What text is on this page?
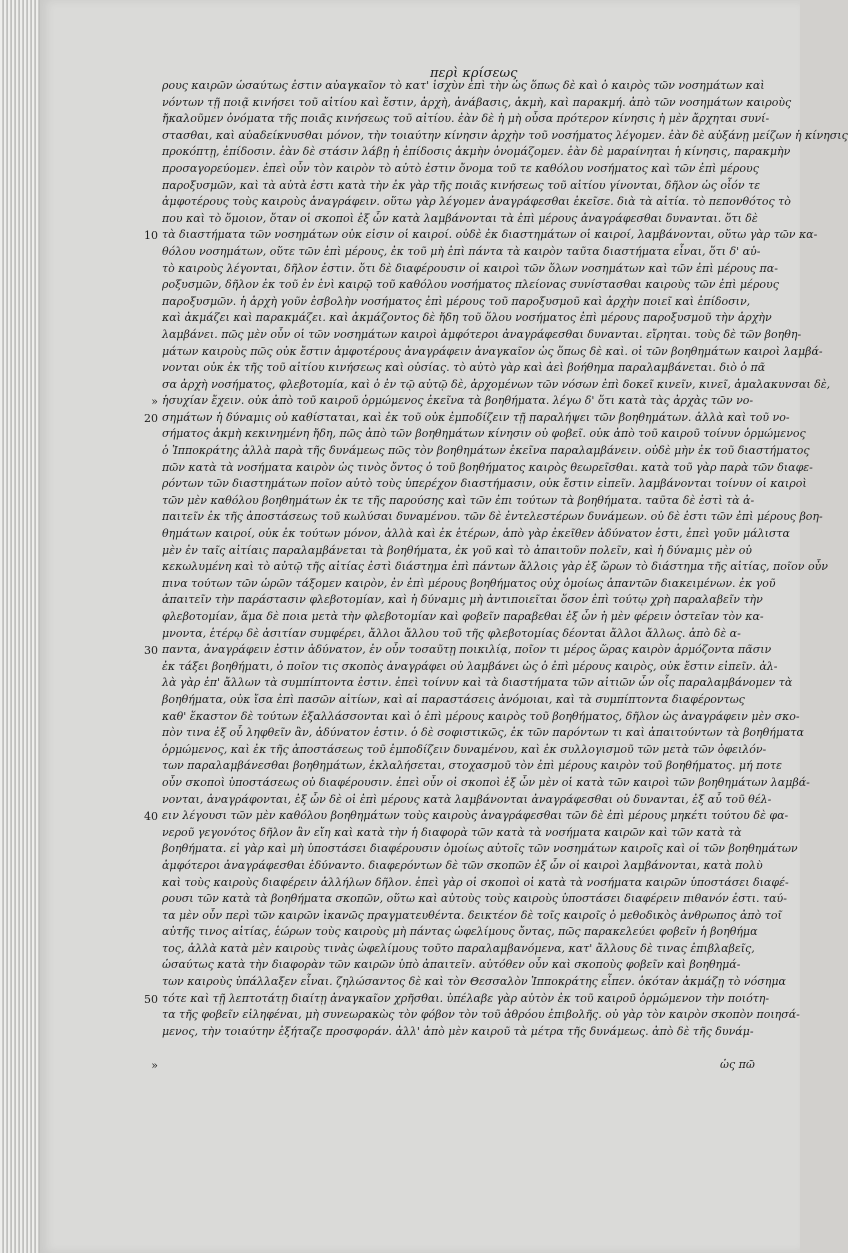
περὶ κρίσεως
ρους καιρῶν ὡσαύτως ἐστιν αὐαγκαῖον τὸ κατ' ἰσχὺν ἐπὶ τὴν ὡς ὅπως δὲ καὶ ὁ καιρὸς τῶν νοσημάτων καὶ
νόντων τῇ ποιᾷ κινήσει τοῦ αἰτίου καὶ ἔστιν, ἀρχὴ, ἀνάβασις, ἀκμὴ, καὶ παρακμή. ἀπὸ τῶν νοσημάτων καιροὺς
ἤκαλοῦμεν ὀνόματα τῆς ποιᾶς κινήσεως τοῦ αἰτίου. ἐὰν δὲ ἡ μὴ οὖσα πρότερον κίνησις ἡ μὲν ἄρχηται συνί-
στασθαι, καὶ αὐαδείκνυσθαι μόνον, τὴν τοιαύτην κίνησιν ἀρχὴν τοῦ νοσήματος λέγομεν. ἐὰν δὲ αὐξάνῃ μείζων ἡ κίνησις
προκόπτῃ, ἐπίδοσιν. ἐὰν δὲ στάσιν λάβῃ ἡ ἐπίδοσις ἀκμὴν ὀνομάζομεν. ἐὰν δὲ μαραίνηται ἡ κίνησις, παρακμὴν
προσαγορεύομεν. ἐπεὶ οὖν τὸν καιρὸν τὸ αὐτὸ ἐστιν ὄνομα τοῦ τε καθόλου νοσήματος καὶ τῶν ἐπὶ μέρους
παροξυσμῶν, καὶ τὰ αὐτὰ ἐστι κατὰ τὴν ἐκ γὰρ τῆς ποιᾶς κινήσεως τοῦ αἰτίου γίνονται, δῆλον ὡς οἷόν τε
ἀμφοτέρους τοὺς καιροὺς ἀναγράφειν. οὕτω γὰρ λέγομεν ἀναγράφεσθαι ἐκεῖσε. διὰ τὰ αἰτία. τὸ πεπονθότος τὸ
που καὶ τὸ ὅμοιον, ὅταν οἱ σκοποὶ ἐξ ὧν κατὰ λαμβάνονται τὰ ἐπὶ μέρους ἀναγράφεσθαι δυνανται. ὅτι δὲ
τὰ διαστήματα τῶν νοσημάτων οὐκ εἰσιν οἱ καιροί. οὐδὲ ἐκ διαστημάτων οἱ καιροί, λαμβάνονται, οὕτω γὰρ τῶν κα-
θόλου νοσημάτων, οὕτε τῶν ἐπὶ μέρους, ἐκ τοῦ μὴ ἐπὶ πάντα τὰ καιρὸν ταῦτα διαστήματα εἶναι, ὅτι δ' αὐ-
τὸ καιροὺς λέγονται, δῆλον ἐστιν. ὅτι δὲ διαφέρουσιν οἱ καιροὶ τῶν ὅλων νοσημάτων καὶ τῶν ἐπὶ μέρους πα-
ροξυσμῶν, δῆλον ἐκ τοῦ ἐν ἑνὶ καιρῷ τοῦ καθόλου νοσήματος πλείονας συνίστασθαι καιροὺς τῶν ἐπὶ μέρους
παροξυσμῶν. ἡ ἀρχὴ γοῦν ἐσβολὴν νοσήματος ἐπὶ μέρους τοῦ παροξυσμοῦ καὶ ἀρχὴν ποιεῖ καὶ ἐπίδοσιν,
καὶ ἀκμάζει καὶ παρακμάζει. καὶ ἀκμάζοντος δὲ ἤδη τοῦ ὅλου νοσήματος ἐπὶ μέρους παροξυσμοῦ τὴν ἀρχὴν
λαμβάνει. πῶς μὲν οὖν οἱ τῶν νοσημάτων καιροὶ ἀμφότεροι ἀναγράφεσθαι δυνανται. εἴρηται. τοὺς δὲ τῶν βοηθη-
μάτων καιροὺς πῶς οὐκ ἔστιν ἀμφοτέρους ἀναγράφειν ἀναγκαῖον ὡς ὅπως δὲ καὶ. οἱ τῶν βοηθημάτων καιροὶ λαμβά-
νονται οὐκ ἐκ τῆς τοῦ αἰτίου κινήσεως καὶ οὐσίας. τὸ αὐτὸ γὰρ καὶ ἀεὶ βοήθημα παραλαμβάνεται. διὸ ὁ πᾶ
σα ἀρχὴ νοσήματος, φλεβοτομία, καὶ ὁ ἐν τῷ αὐτῷ δὲ, ἀρχομένων τῶν νόσων ἐπὶ δοκεῖ κινεῖν, κινεῖ, ἀμαλακυνσαι δὲ,
ἡσυχίαν ἔχειν. οὐκ ἀπὸ τοῦ καιροῦ ὁρμώμενος ἐκεῖνα τὰ βοηθήματα. λέγω δ' ὅτι κατὰ τὰς ἀρχὰς τῶν νο-
σημάτων ἡ δύναμις οὐ καθίσταται, καὶ ἐκ τοῦ οὐκ ἐμποδίζειν τῇ παραλήψει τῶν βοηθημάτων. ἀλλὰ καὶ τοῦ νο-
σήματος ἀκμὴ κεκινημένη ἤδη, πῶς ἀπὸ τῶν βοηθημάτων κίνησιν οὐ φοβεῖ. οὐκ ἀπὸ τοῦ καιροῦ τοίνυν ὁρμώμενος
ὁ Ἱπποκράτης ἀλλὰ παρὰ τῆς δυνάμεως πῶς τὸν βοηθημάτων ἐκεῖνα παραλαμβάνειν. οὐδὲ μὴν ἐκ τοῦ διαστήματος
πῶν κατὰ τὰ νοσήματα καιρὸν ὡς τινὸς ὄντος ὁ τοῦ βοηθήματος καιρὸς θεωρεῖσθαι. κατὰ τοῦ γὰρ παρὰ τῶν διαφε-
ρόντων τῶν διαστημάτων ποῖον αὐτὸ τοὺς ὑπερέχον διαστήμασιν, οὐκ ἔστιν εἰπεῖν. λαμβάνονται τοίνυν οἱ καιροὶ
τῶν μὲν καθόλου βοηθημάτων ἐκ τε τῆς παρούσης καὶ τῶν ἐπι τούτων τὰ βοηθήματα. ταῦτα δὲ ἐστὶ τὰ ἀ-
παιτεῖν ἐκ τῆς ἀποστάσεως τοῦ κωλύσαι δυναμένου. τῶν δὲ ἐντελεστέρων δυνάμεων. οὐ δὲ ἐστι τῶν ἐπὶ μέρους βοη-
θημάτων καιροί, οὐκ ἐκ τούτων μόνον, ἀλλὰ καὶ ἐκ ἑτέρων, ἀπὸ γὰρ ἐκεῖθεν ἀδύνατον ἐστι, ἐπεὶ γοῦν μάλιστα
μὲν ἐν ταῖς αἰτίαις παραλαμβάνεται τὰ βοηθήματα, ἐκ γοῦ καὶ τὸ ἀπαιτοῦν πολεῖν, καὶ ἡ δύναμις μὲν οὐ
κεκωλυμένη καὶ τὸ αὐτῷ τῆς αἰτίας ἐστὶ διάστημα ἐπὶ πάντων ἄλλοις γὰρ ἐξ ὥρων τὸ διάστημα τῆς αἰτίας, ποῖον οὖν
πινα τούτων τῶν ὡρῶν τάξομεν καιρὸν, ἐν ἐπὶ μέρους βοηθήματος οὐχ ὁμοίως ἀπαντῶν διακειμένων. ἐκ γοῦ
ἀπαιτεῖν τὴν παράστασιν φλεβοτομίαν, καὶ ἡ δύναμις μὴ ἀντιποιεῖται ὅσον ἐπὶ τούτῳ χρὴ παραλαβεῖν τὴν
φλεβοτομίαν, ἅμα δὲ ποια μετὰ τὴν φλεβοτομίαν καὶ φοβεῖν παραβεθαι ἐξ ὧν ἡ μὲν φέρειν ὀστεῖαν τὸν κα-
μνοντα, ἑτέρῳ δὲ ἀσιτίαν συμφέρει, ἄλλοι ἄλλου τοῦ τῆς φλεβοτομίας δέονται ἄλλοι ἄλλως. ἀπὸ δὲ α-
παντα, ἀναγράφειν ἐστιν ἀδύνατον, ἐν οὖν τοσαῦτῃ ποικιλίᾳ, ποῖον τι μέρος ὥρας καιρὸν ἁρμόζοντα πᾶσιν
ἐκ τάξει βοηθήματι, ὁ ποῖον τις σκοπὸς ἀναγράφει οὐ λαμβάνει ὡς ὁ ἐπὶ μέρους καιρὸς, οὐκ ἔστιν εἰπεῖν. ἀλ-
λὰ γὰρ ἐπ' ἄλλων τὰ συμπίπτοντα ἐστιν. ἐπεὶ τοίνυν καὶ τὰ διαστήματα τῶν αἰτιῶν ὧν οἷς παραλαμβάνομεν τὰ
βοηθήματα, οὐκ ἴσα ἐπὶ πασῶν αἰτίων, καὶ αἱ παραστάσεις ἀνόμοιαι, καὶ τὰ συμπίπτοντα διαφέροντως
καθ' ἕκαστον δὲ τούτων ἐξαλλάσσονται καὶ ὁ ἐπὶ μέρους καιρὸς τοῦ βοηθήματος, δῆλον ὡς ἀναγράφειν μὲν σκο-
πὸν τινα ἐξ οὗ ληφθεῖν ἂν, ἀδύνατον ἐστιν. ὁ δὲ σοφιστικῶς, ἐκ τῶν παρόντων τι καὶ ἀπαιτούντων τὰ βοηθήματα
ὁρμώμενος, καὶ ἐκ τῆς ἀποστάσεως τοῦ ἐμποδίζειν δυναμένου, καὶ ἐκ συλλογισμοῦ τῶν μετὰ τῶν ὀφειλόν-
των παραλαμβάνεσθαι βοηθημάτων, ἐκλαλήσεται, στοχασμοῦ τὸν ἐπὶ μέρους καιρὸν τοῦ βοηθήματος. μή ποτε
οὖν σκοποὶ ὑποστάσεως οὐ διαφέρουσιν. ἐπεὶ οὖν οἱ σκοποὶ ἐξ ὧν μὲν οἱ κατὰ τῶν καιροὶ τῶν βοηθημάτων λαμβά-
νονται, ἀναγράφονται, ἐξ ὧν δὲ οἱ ἐπὶ μέρους κατὰ λαμβάνονται ἀναγράφεσθαι οὐ δυνανται, ἐξ αὖ τοῦ θέλ-
ειν λέγουσι τῶν μὲν καθόλου βοηθημάτων τοὺς καιροὺς ἀναγράφεσθαι τῶν δὲ ἐπὶ μέρους μηκέτι τούτου δὲ φα-
νεροῦ γεγονότος δῆλον ἂν εἴη καὶ κατὰ τὴν ἡ διαφορὰ τῶν κατὰ τὰ νοσήματα καιρῶν καὶ τῶν κατὰ τὰ
βοηθήματα. εἰ γὰρ καὶ μὴ ὑποστάσει διαφέρουσιν ὁμοίως αὐτοῖς τῶν νοσημάτων καιροῖς καὶ οἱ τῶν βοηθημάτων
ἀμφότεροι ἀναγράφεσθαι ἐδύναντο. διαφερόντων δὲ τῶν σκοπῶν ἐξ ὧν οἱ καιροὶ λαμβάνονται, κατὰ πολὺ
καὶ τοὺς καιροὺς διαφέρειν ἀλλήλων δῆλον. ἐπεὶ γὰρ οἱ σκοποὶ οἱ κατὰ τὰ νοσήματα καιρῶν ὑποστάσει διαφέ-
ρουσι τῶν κατὰ τὰ βοηθήματα σκοπῶν, οὕτω καὶ αὐτοὺς τοὺς καιροὺς ὑποστάσει διαφέρειν πιθανόν ἐστι. ταύ-
τα μὲν οὖν περὶ τῶν καιρῶν ἱκανῶς πραγματευθέντα. δεικτέον δὲ τοῖς καιροῖς ὁ μεθοδικὸς ἀνθρωπος ἀπὸ τοῖ
αὐτῆς τινος αἰτίας, ἑώρων τοὺς καιροὺς μὴ πάντας ὡφελίμους ὄντας, πῶς παρακελεύει φοβεῖν ἡ βοηθήμα
τος, ἀλλὰ κατὰ μὲν καιροὺς τινὰς ὡφελίμους τοῦτο παραλαμβανόμενα, κατ' ἄλλους δὲ τινας ἐπιβλαβεῖς,
ὡσαύτως κατὰ τὴν διαφορὰν τῶν καιρῶν ὑπὸ ἀπαιτεῖν. αὐτόθεν οὖν καὶ σκοποὺς φοβεῖν καὶ βοηθημά-
των καιροὺς ὑπάλλαξεν εἶναι. ζηλώσαντος δὲ καὶ τὸν Θεσσαλὸν Ἱπποκράτης εἶπεν. ὁκόταν ἀκμάζῃ τὸ νόσημα
τότε καὶ τῇ λεπτοτάτῃ διαίτῃ ἀναγκαῖον χρῆσθαι. ὑπέλαβε γὰρ αὐτὸν ἐκ τοῦ καιροῦ ὁρμώμενον τὴν ποιότη-
τα τῆς φοβεῖν εἰληφέναι, μὴ συνεωρακὼς τὸν φόβον τὸν τοῦ ἀθρόου ἐπιβολῆς. οὐ γὰρ τὸν καιρὸν σκοπὸν ποιησά-
μενος, τὴν τοιαύτην ἐξήταζε προσφοράν. ἀλλ' ἀπὸ μὲν καιροῦ τὰ μέτρα τῆς δυνάμεως. ἀπὸ δὲ τῆς δυνάμ-
10
»
20
30
40
50
»	ὡς πῶ
